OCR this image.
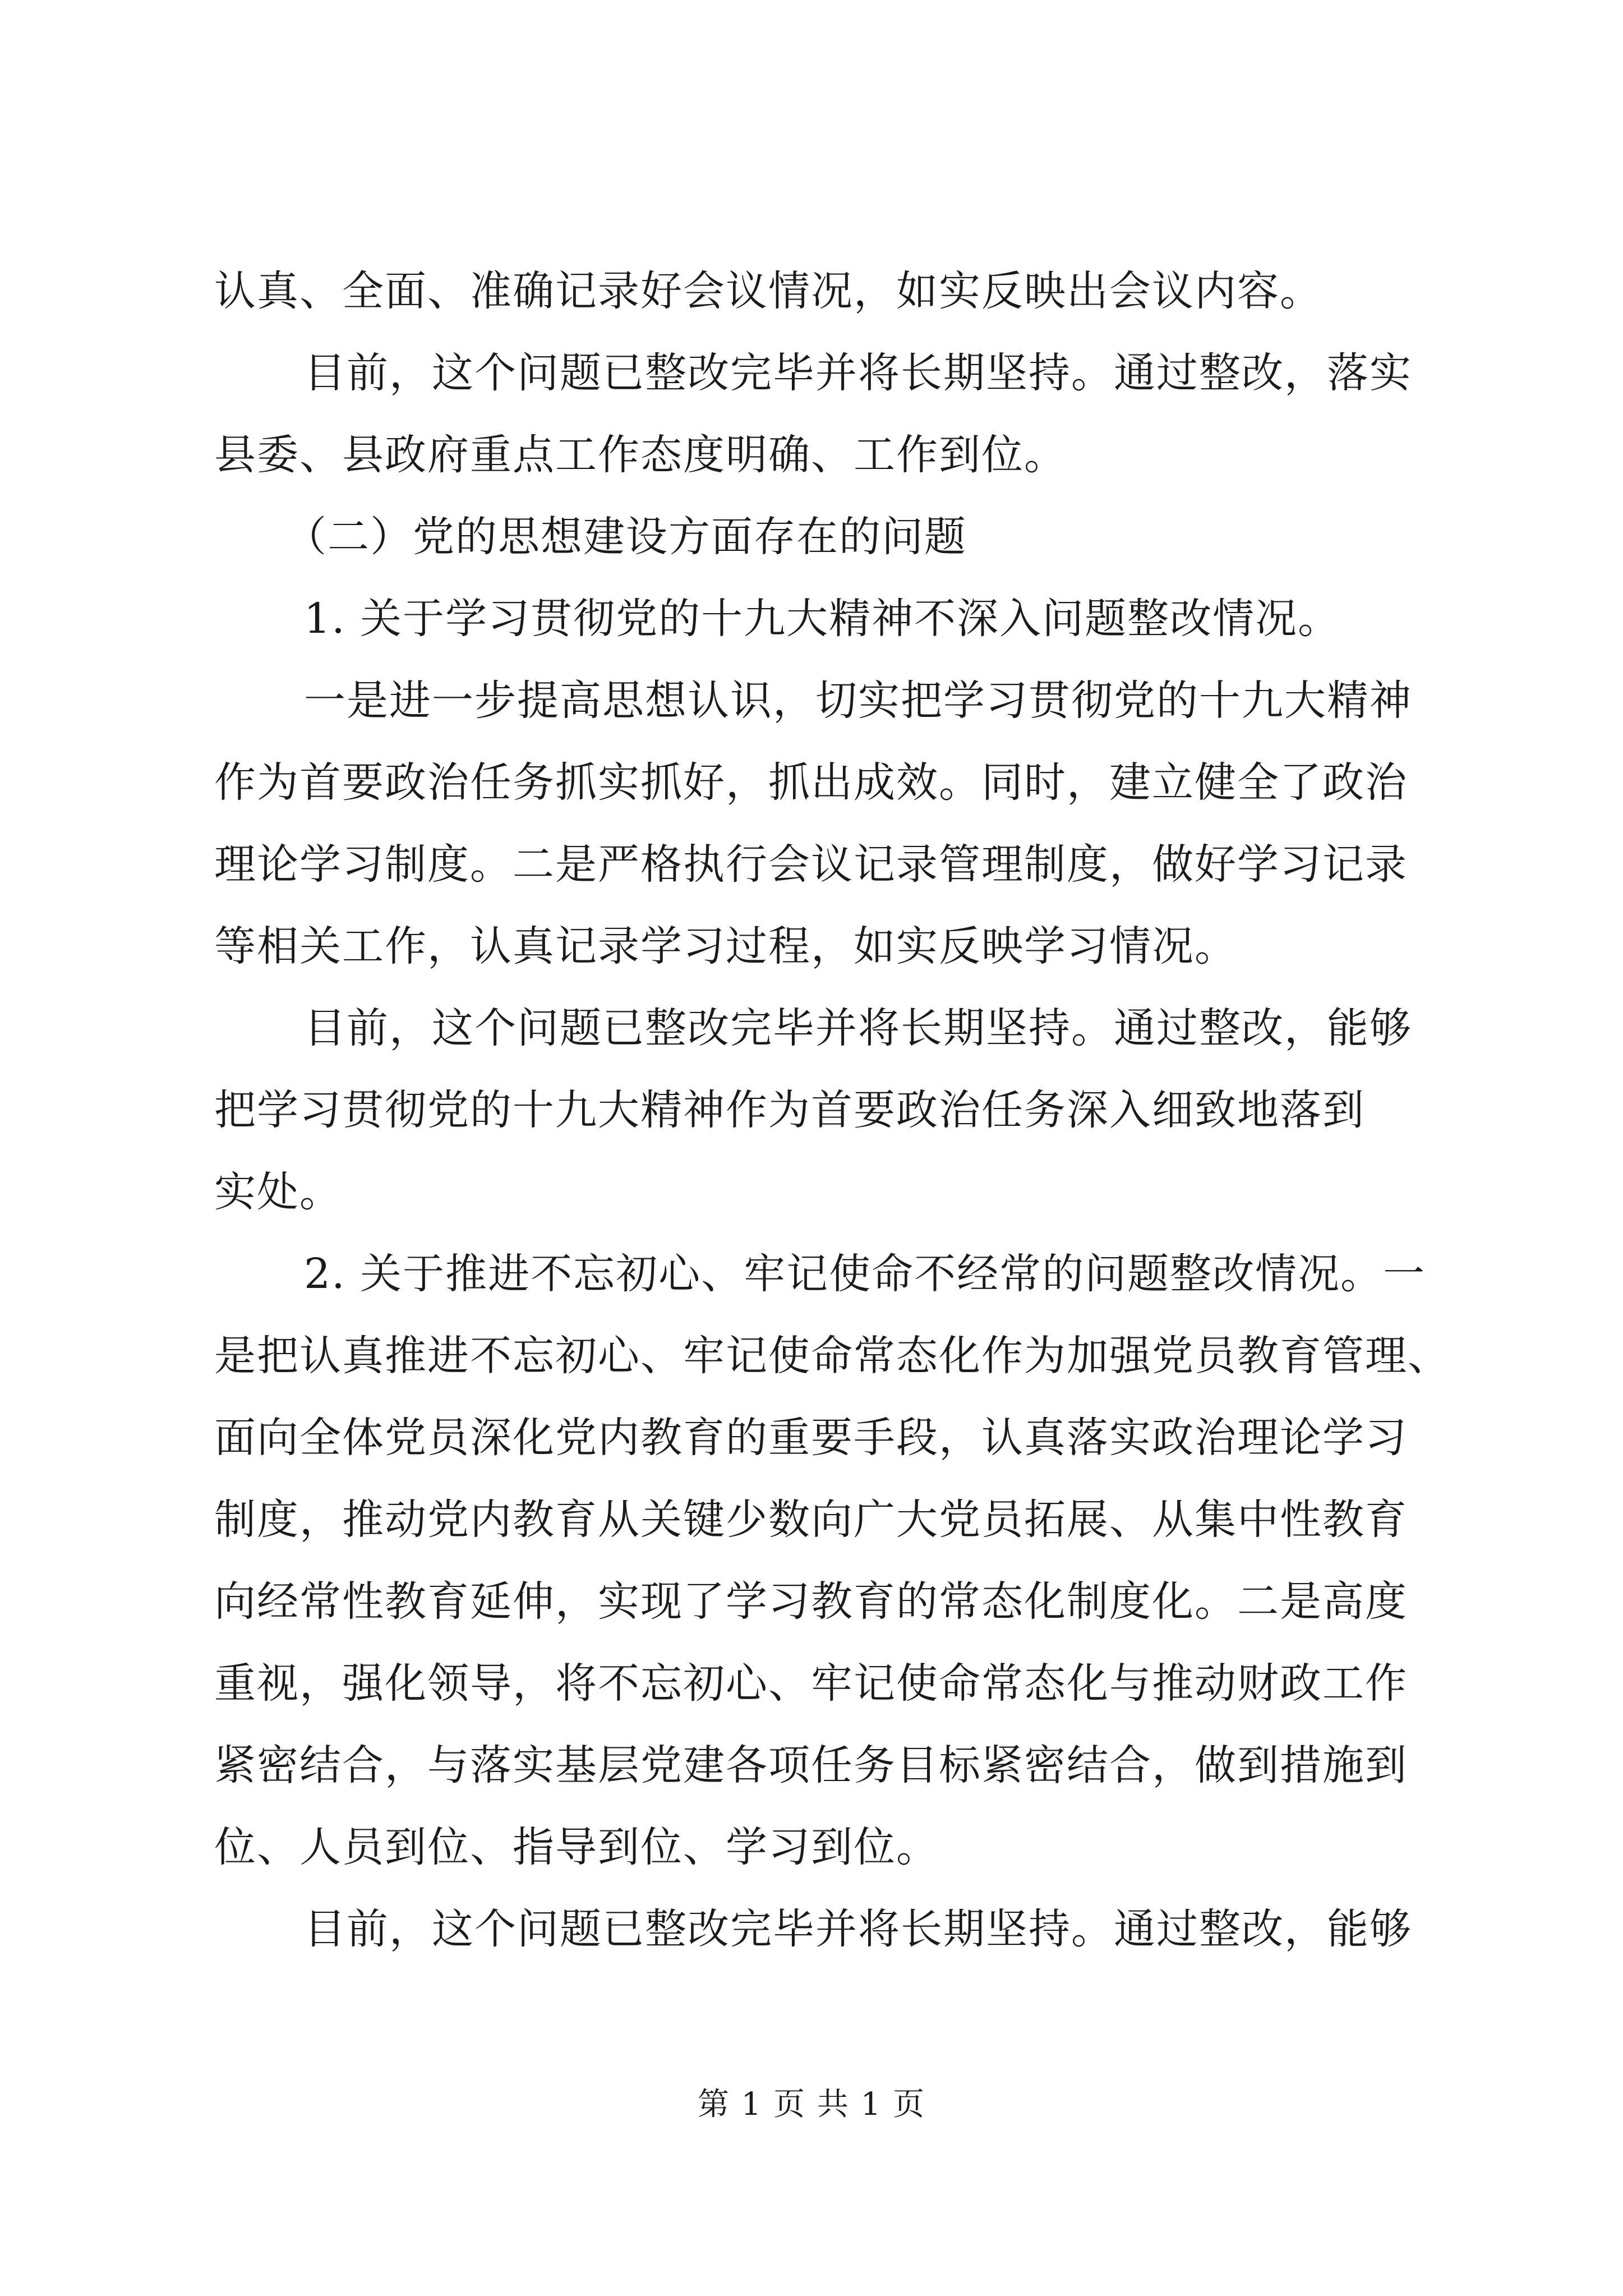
认真、全面、准确记录好会议情况，如实反映出会议内容。
目前，这个问题已整改完毕并将长期坚持。通过整改，落实
县委、县政府重点工作态度明确、工作到位。
（二）党的思想建设方面存在的问题
1. 关于学习贯彻党的十九大精神不深入问题整改情况。
一是进一步提高思想认识，切实把学习贯彻党的十九大精神
作为首要政治任务抓实抓好，抓出成效。同时，建立健全了政治
理论学习制度。二是严格执行会议记录管理制度，做好学习记录
等相关工作，认真记录学习过程，如实反映学习情况。
目前，这个问题已整改完毕并将长期坚持。通过整改，能够
把学习贯彻党的十九大精神作为首要政治任务深入细致地落到
实处。
2. 关于推进不忘初心、牢记使命不经常的问题整改情况。一
是把认真推进不忘初心、牢记使命常态化作为加强党员教育管理、
面向全体党员深化党内教育的重要手段，认真落实政治理论学习
制度，推动党内教育从关键少数向广大党员拓展、从集中性教育
向经常性教育延伸，实现了学习教育的常态化制度化。二是高度
重视，强化领导，将不忘初心、牢记使命常态化与推动财政工作
紧密结合，与落实基层党建各项任务目标紧密结合，做到措施到
位、人员到位、指导到位、学习到位。
目前，这个问题已整改完毕并将长期坚持。通过整改，能够
第 1 页 共 1 页
